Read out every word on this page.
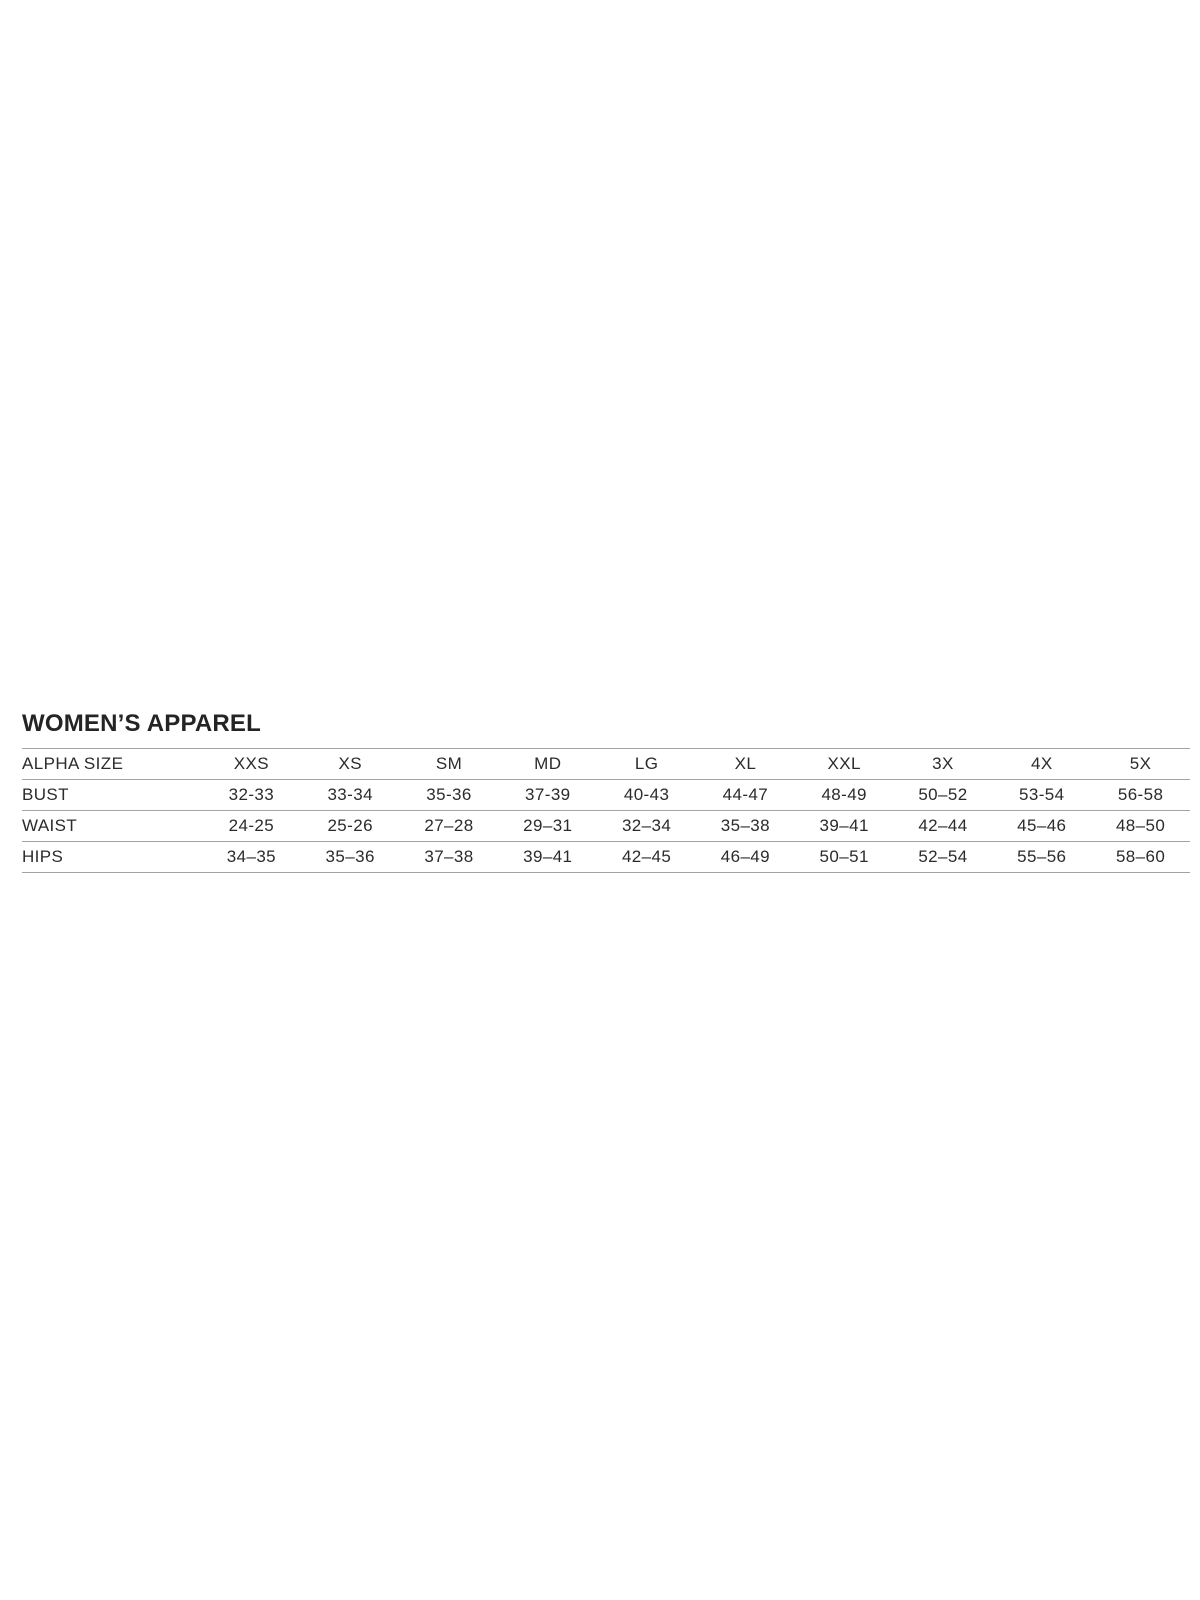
WOMEN’S APPAREL
ALPHA SIZE	XXS	XS	SM	MD	LG	XL	XXL	3X	4X	5X
BUST	32-33	33-34	35-36	37-39	40-43	44-47	48-49	50–52	53-54	56-58
WAIST	24-25	25-26	27–28	29–31	32–34	35–38	39–41	42–44	45–46	48–50
HIPS	34–35	35–36	37–38	39–41	42–45	46–49	50–51	52–54	55–56	58–60
